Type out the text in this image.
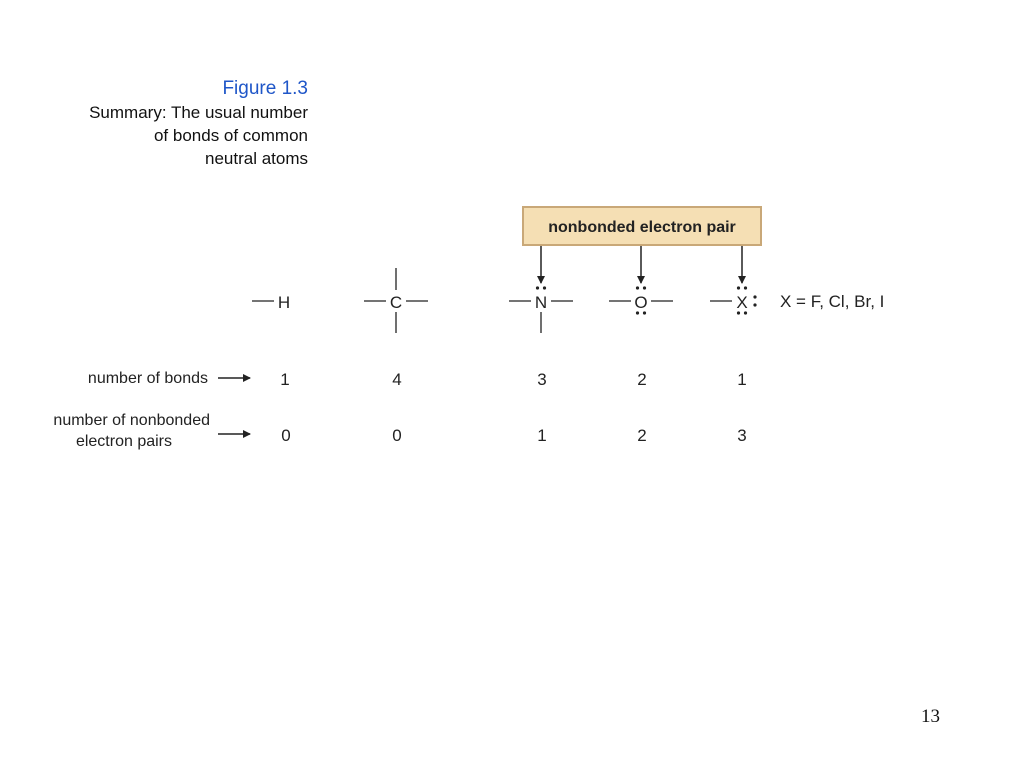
Figure 1.3
Summary: The usual number
of bonds of common
neutral atoms
nonbonded electron pair
H	C	N	O	X X = F, Cl, Br, I
number of bonds	1	4	3	2	1
number of nonbonded
electron pairs	0	0	1	2	3
13
